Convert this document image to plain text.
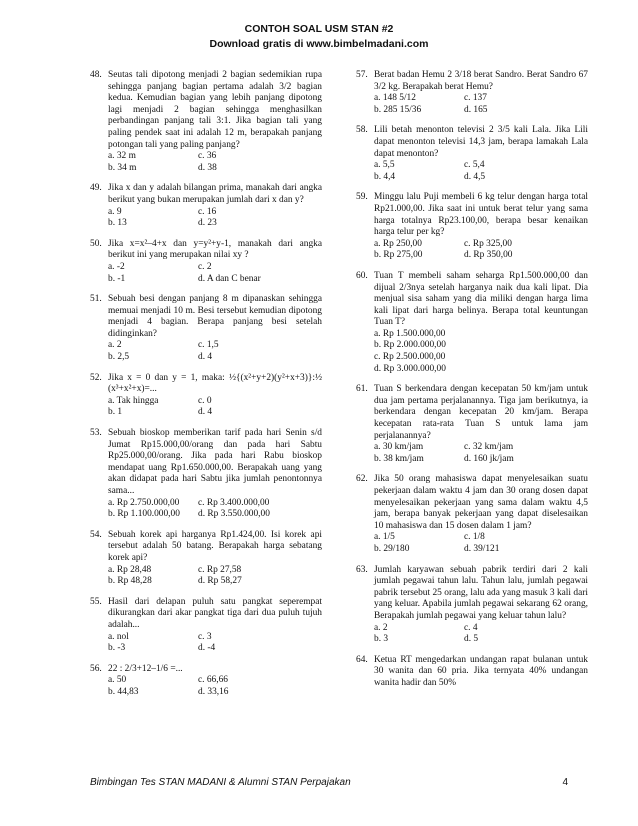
CONTOH SOAL USM STAN #2
Download gratis di www.bimbelmadani.com
48. Seutas tali dipotong menjadi 2 bagian sedemikian rupa sehingga panjang bagian pertama adalah 3/2 bagian kedua. Kemudian bagian yang lebih panjang dipotong lagi menjadi 2 bagian sehingga menghasilkan perbandingan panjang tali 3:1. Jika bagian tali yang paling pendek saat ini adalah 12 m, berapakah panjang potongan tali yang paling panjang?
a. 32 m	c. 36
b. 34 m	d. 38
49. Jika x dan y adalah bilangan prima, manakah dari angka berikut yang bukan merupakan jumlah dari x dan y?
a. 9	c. 16
b. 13	d. 23
50. Jika x=x²–4+x dan y=y²+y-1, manakah dari angka berikut ini yang merupakan nilai xy ?
a. -2	c. 2
b. -1	d. A dan C benar
51. Sebuah besi dengan panjang 8 m dipanaskan sehingga memuai menjadi 10 m. Besi tersebut kemudian dipotong menjadi 4 bagian. Berapa panjang besi setelah didinginkan?
a. 2	c. 1,5
b. 2,5	d. 4
52. Jika x = 0 dan y = 1, maka: ½{(x²+y+2)(y²+x+3)}:½ (x³+x²+x)=...
a. Tak hingga	c. 0
b. 1	d. 4
53. Sebuah bioskop memberikan tarif pada hari Senin s/d Jumat Rp15.000,00/orang dan pada hari Sabtu Rp25.000,00/orang. Jika pada hari Rabu bioskop mendapat uang Rp1.650.000,00. Berapakah uang yang akan didapat pada hari Sabtu jika jumlah penontonnya sama...
a. Rp 2.750.000,00	c. Rp 3.400.000,00
b. Rp 1.100.000,00	d. Rp 3.550.000,00
54. Sebuah korek api harganya Rp1.424,00. Isi korek api tersebut adalah 50 batang. Berapakah harga sebatang korek api?
a. Rp 28,48	c. Rp 27,58
b. Rp 48,28	d. Rp 58,27
55. Hasil dari delapan puluh satu pangkat seperempat dikurangkan dari akar pangkat tiga dari dua puluh tujuh adalah...
a. nol	c. 3
b. -3	d. -4
56. 22 : 2/3+12–1/6 =...
a. 50	c. 66,66
b. 44,83	d. 33,16
57. Berat badan Hemu 2 3/18 berat Sandro. Berat Sandro 67 3/2 kg. Berapakah berat Hemu?
a. 148 5/12	c. 137
b. 285 15/36	d. 165
58. Lili betah menonton televisi 2 3/5 kali Lala. Jika Lili dapat menonton televisi 14,3 jam, berapa lamakah Lala dapat menonton?
a. 5,5	c. 5,4
b. 4,4	d. 4,5
59. Minggu lalu Puji membeli 6 kg telur dengan harga total Rp21.000,00. Jika saat ini untuk berat telur yang sama harga totalnya Rp23.100,00, berapa besar kenaikan harga telur per kg?
a. Rp 250,00	c. Rp 325,00
b. Rp 275,00	d. Rp 350,00
60. Tuan T membeli saham seharga Rp1.500.000,00 dan dijual 2/3nya setelah harganya naik dua kali lipat. Dia menjual sisa saham yang dia miliki dengan harga lima kali lipat dari harga belinya. Berapa total keuntungan Tuan T?
a. Rp 1.500.000,00
b. Rp 2.000.000,00
c. Rp 2.500.000,00
d. Rp 3.000.000,00
61. Tuan S berkendara dengan kecepatan 50 km/jam untuk dua jam pertama perjalanannya. Tiga jam berikutnya, ia berkendara dengan kecepatan 20 km/jam. Berapa kecepatan rata-rata Tuan S untuk lama jam perjalanannya?
a. 30 km/jam	c. 32 km/jam
b. 38 km/jam	d. 160 jk/jam
62. Jika 50 orang mahasiswa dapat menyelesaikan suatu pekerjaan dalam waktu 4 jam dan 30 orang dosen dapat menyelesaikan pekerjaan yang sama dalam waktu 4,5 jam, berapa banyak pekerjaan yang dapat diselesaikan 10 mahasiswa dan 15 dosen dalam 1 jam?
a. 1/5	c. 1/8
b. 29/180	d. 39/121
63. Jumlah karyawan sebuah pabrik terdiri dari 2 kali jumlah pegawai tahun lalu. Tahun lalu, jumlah pegawai pabrik tersebut 25 orang, lalu ada yang masuk 3 kali dari yang keluar. Apabila jumlah pegawai sekarang 62 orang, Berapakah jumlah pegawai yang keluar tahun lalu?
a. 2	c. 4
b. 3	d. 5
64. Ketua RT mengedarkan undangan rapat bulanan untuk 30 wanita dan 60 pria. Jika ternyata 40% undangan wanita hadir dan 50%
Bimbingan Tes STAN MADANI & Alumni STAN Perpajakan	4
